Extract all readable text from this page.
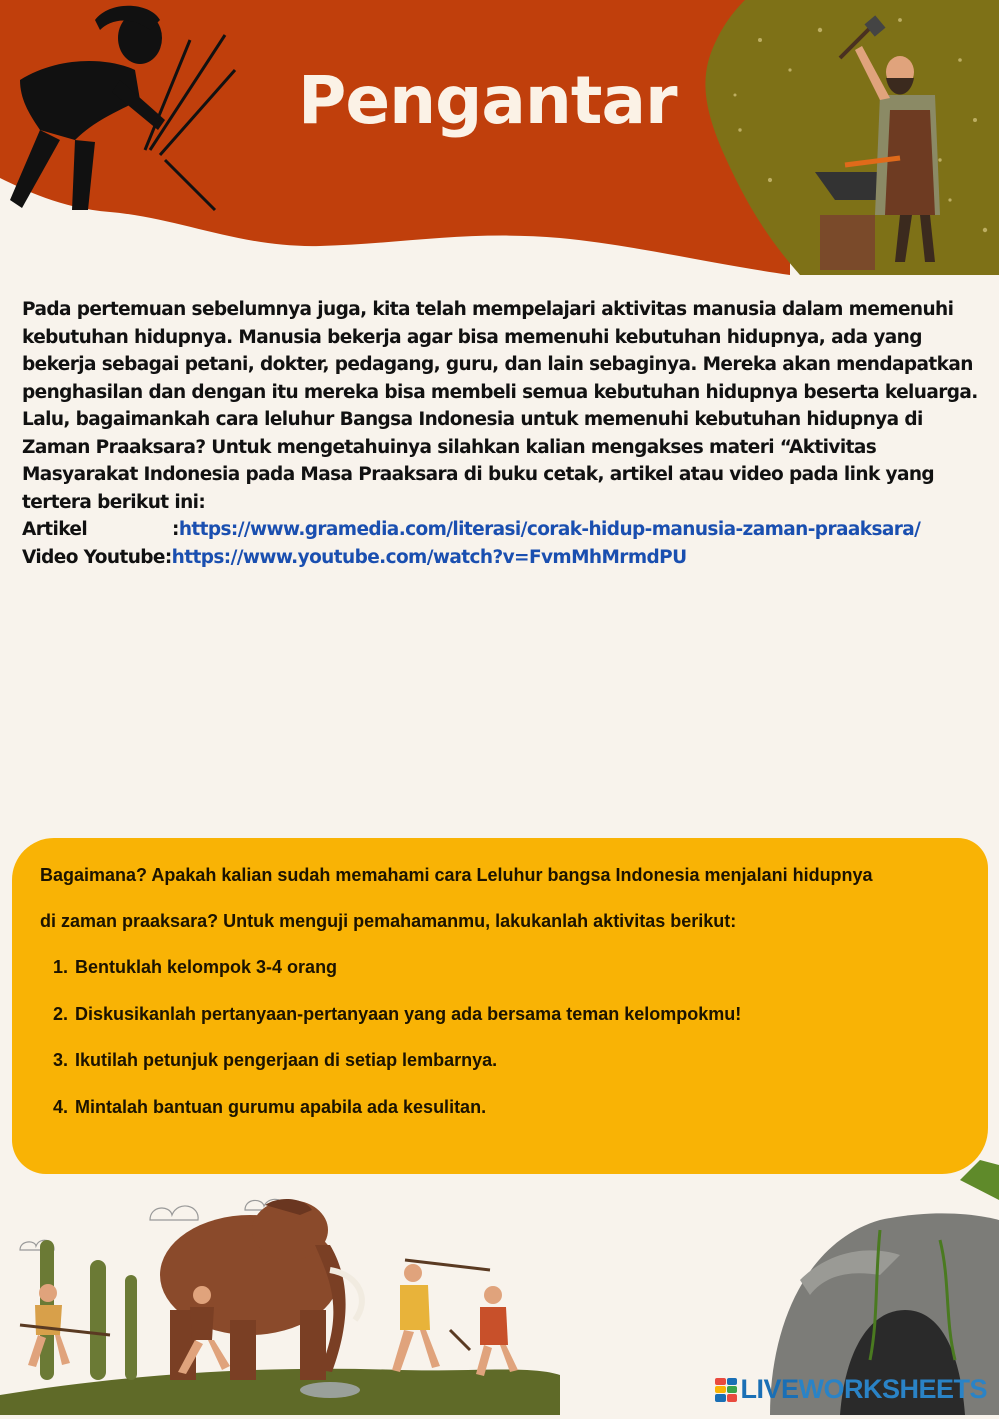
Pengantar

Pada pertemuan sebelumnya juga, kita telah mempelajari aktivitas manusia dalam memenuhi kebutuhan hidupnya. Manusia bekerja agar bisa memenuhi kebutuhan hidupnya, ada yang bekerja sebagai petani, dokter, pedagang, guru, dan lain sebaginya. Mereka akan mendapatkan penghasilan dan dengan itu mereka bisa membeli semua kebutuhan hidupnya beserta keluarga. Lalu, bagaimankah cara leluhur Bangsa Indonesia untuk memenuhi kebutuhan hidupnya di Zaman Praaksara? Untuk mengetahuinya silahkan kalian mengakses materi “Aktivitas Masyarakat Indonesia pada Masa Praaksara di buku cetak, artikel atau video pada link yang tertera berikut ini:

Artikel	: https://www.gramedia.com/literasi/corak-hidup-manusia-zaman-praaksara/
Video Youtube : https://www.youtube.com/watch?v=FvmMhMrmdPU

Bagaimana? Apakah kalian sudah memahami cara Leluhur bangsa Indonesia menjalani hidupnya

di zaman praaksara? Untuk menguji pemahamanmu, lakukanlah aktivitas berikut:

1. Bentuklah kelompok 3-4 orang
2. Diskusikanlah pertanyaan-pertanyaan yang ada bersama teman kelompokmu!
3. Ikutilah petunjuk pengerjaan di setiap lembarnya.
4. Mintalah bantuan gurumu apabila ada kesulitan.
LIVE WORKSHEETS
